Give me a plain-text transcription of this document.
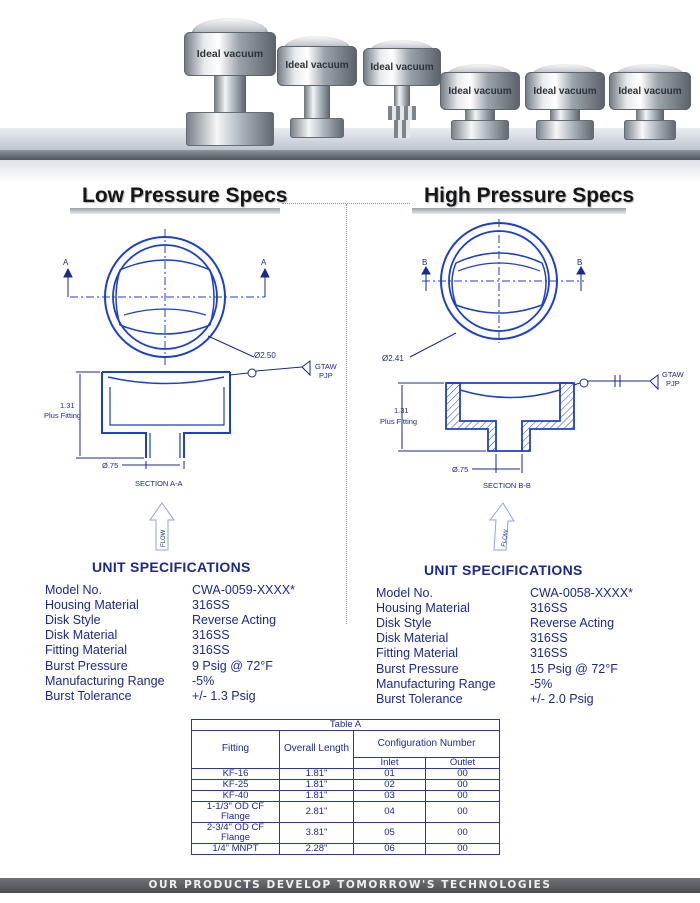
Ideal vacuum
Ideal vacuum	Ideal vacuum
Ideal vacuum	Ideal vacuum	Ideal vacuum
Low Pressure Specs	High Pressure Specs
A	A
Ø2.50
GTAW
PJP
1.31
Plus Fitting
Ø.75
SECTION A-A
FLOW
B	B
Ø2.41
GTAW
PJP
1.31
Plus Fitting
Ø.75
SECTION B-B
FLOW
UNIT SPECIFICATIONS
Model No.	CWA-0059-XXXX*
Housing Material	316SS
Disk Style	Reverse Acting
Disk Material	316SS
Fitting Material	316SS
Burst Pressure	9 Psig @ 72°F
Manufacturing Range	-5%
Burst Tolerance	+/- 1.3 Psig
UNIT SPECIFICATIONS
Model No.	CWA-0058-XXXX*
Housing Material	316SS
Disk Style	Reverse Acting
Disk Material	316SS
Fitting Material	316SS
Burst Pressure	15 Psig @ 72°F
Manufacturing Range	-5%
Burst Tolerance	+/- 2.0 Psig
Table A			
Fitting	Overall Length	Configuration Number	
		Inlet	Outlet
KF-16	1.81"	01	00
KF-25	1.81"	02	00
KF-40	1.81"	03	00
1-1/3" OD CF Flange	2.81"	04	00
2-3/4" OD CF Flange	3.81"	05	00
1/4" MNPT	2.28"	06	00
OUR PRODUCTS DEVELOP TOMORROW'S TECHNOLOGIES
